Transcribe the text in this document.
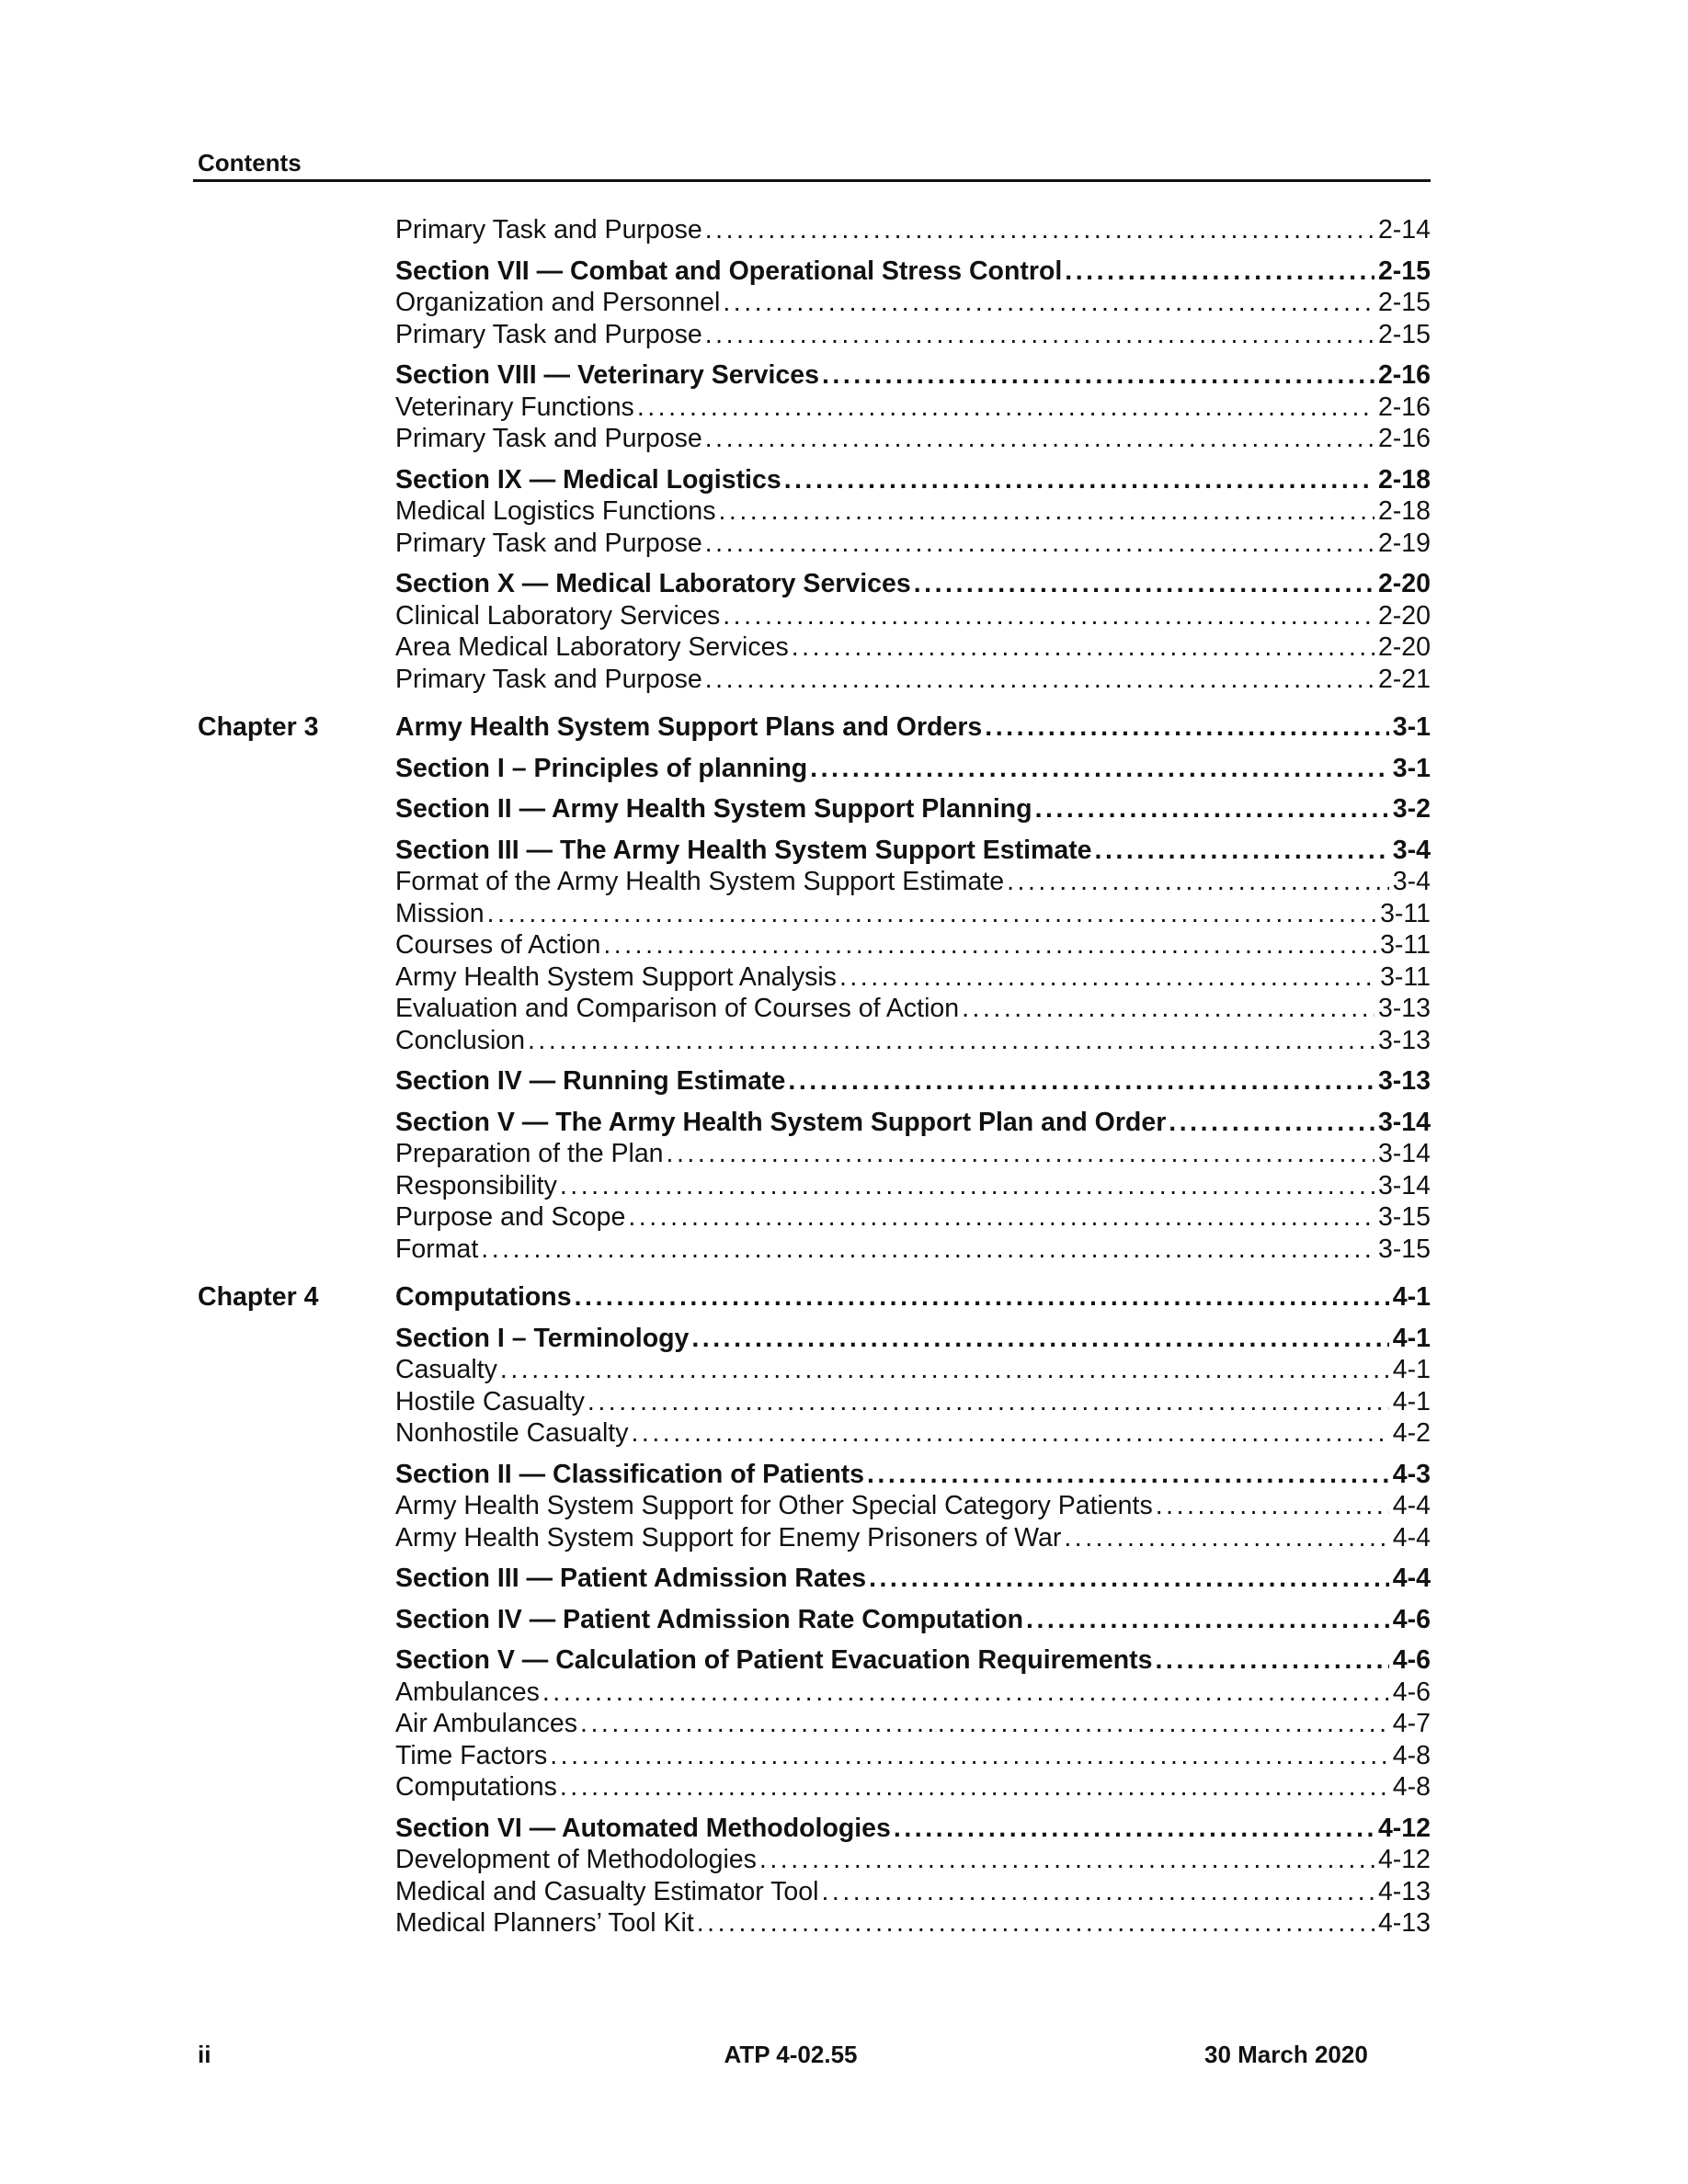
Contents
Primary Task and Purpose . . .	2-14
Section VII — Combat and Operational Stress Control . . .	2-15
Organization and Personnel . . .	2-15
Primary Task and Purpose . . .	2-15
Section VIII — Veterinary Services . . .	2-16
Veterinary Functions . . .	2-16
Primary Task and Purpose . . .	2-16
Section IX — Medical Logistics . . .	2-18
Medical Logistics Functions . . .	2-18
Primary Task and Purpose . . .	2-19
Section X — Medical Laboratory Services . . .	2-20
Clinical Laboratory Services . . .	2-20
Area Medical Laboratory Services . . .	2-20
Primary Task and Purpose . . .	2-21
Chapter 3	Army Health System Support Plans and Orders . . .	3-1
Section I – Principles of planning . . .	3-1
Section II — Army Health System Support Planning . . .	3-2
Section III — The Army Health System Support Estimate . . .	3-4
Format of the Army Health System Support Estimate . . .	3-4
Mission . . .	3-11
Courses of Action . . .	3-11
Army Health System Support Analysis . . .	3-11
Evaluation and Comparison of Courses of Action . . .	3-13
Conclusion . . .	3-13
Section IV — Running Estimate . . .	3-13
Section V — The Army Health System Support Plan and Order . . .	3-14
Preparation of the Plan . . .	3-14
Responsibility . . .	3-14
Purpose and Scope . . .	3-15
Format . . .	3-15
Chapter 4	Computations . . .	4-1
Section I – Terminology . . .	4-1
Casualty . . .	4-1
Hostile Casualty . . .	4-1
Nonhostile Casualty . . .	4-2
Section II — Classification of Patients . . .	4-3
Army Health System Support for Other Special Category Patients . . .	4-4
Army Health System Support for Enemy Prisoners of War . . .	4-4
Section III — Patient Admission Rates . . .	4-4
Section IV — Patient Admission Rate Computation . . .	4-6
Section V — Calculation of Patient Evacuation Requirements . . .	4-6
Ambulances . . .	4-6
Air Ambulances . . .	4-7
Time Factors . . .	4-8
Computations . . .	4-8
Section VI — Automated Methodologies . . .	4-12
Development of Methodologies . . .	4-12
Medical and Casualty Estimator Tool . . .	4-13
Medical Planners’ Tool Kit . . .	4-13
ii	ATP 4-02.55	30 March 2020
